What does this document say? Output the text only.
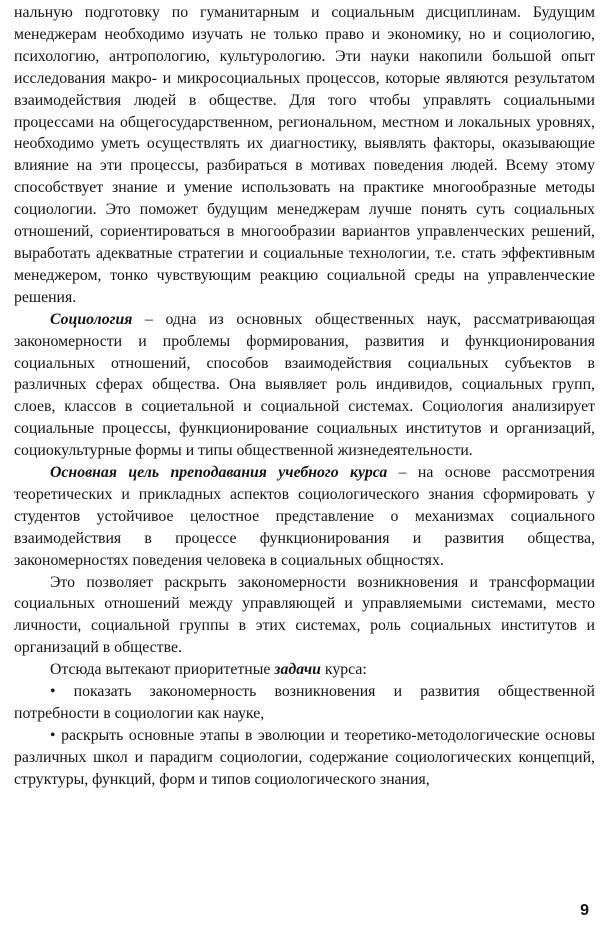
нальную подготовку по гуманитарным и социальным дисциплинам. Будущим менеджерам необходимо изучать не только право и экономику, но и социологию, психологию, антропологию, культурологию. Эти науки накопили большой опыт исследования макро- и микросоциальных процессов, которые являются результатом взаимодействия людей в обществе. Для того чтобы управлять социальными процессами на общегосударственном, региональном, местном и локальных уровнях, необходимо уметь осуществлять их диагностику, выявлять факторы, оказывающие влияние на эти процессы, разбираться в мотивах поведения людей. Всему этому способствует знание и умение использовать на практике многообразные методы социологии. Это поможет будущим менеджерам лучше понять суть социальных отношений, сориентироваться в многообразии вариантов управленческих решений, выработать адекватные стратегии и социальные технологии, т.е. стать эффективным менеджером, тонко чувствующим реакцию социальной среды на управленческие решения.

Социология – одна из основных общественных наук, рассматривающая закономерности и проблемы формирования, развития и функционирования социальных отношений, способов взаимодействия социальных субъектов в различных сферах общества. Она выявляет роль индивидов, социальных групп, слоев, классов в социетальной и социальной системах. Социология анализирует социальные процессы, функционирование социальных институтов и организаций, социокультурные формы и типы общественной жизнедеятельности.

Основная цель преподавания учебного курса – на основе рассмотрения теоретических и прикладных аспектов социологического знания сформировать у студентов устойчивое целостное представление о механизмах социального взаимодействия в процессе функционирования и развития общества, закономерностях поведения человека в социальных общностях.

Это позволяет раскрыть закономерности возникновения и трансформации социальных отношений между управляющей и управляемыми системами, место личности, социальной группы в этих системах, роль социальных институтов и организаций в обществе.

Отсюда вытекают приоритетные задачи курса:

• показать закономерность возникновения и развития общественной потребности в социологии как науке,

• раскрыть основные этапы в эволюции и теоретико-методологические основы различных школ и парадигм социологии, содержание социологических концепций, структуры, функций, форм и типов социологического знания,

9
